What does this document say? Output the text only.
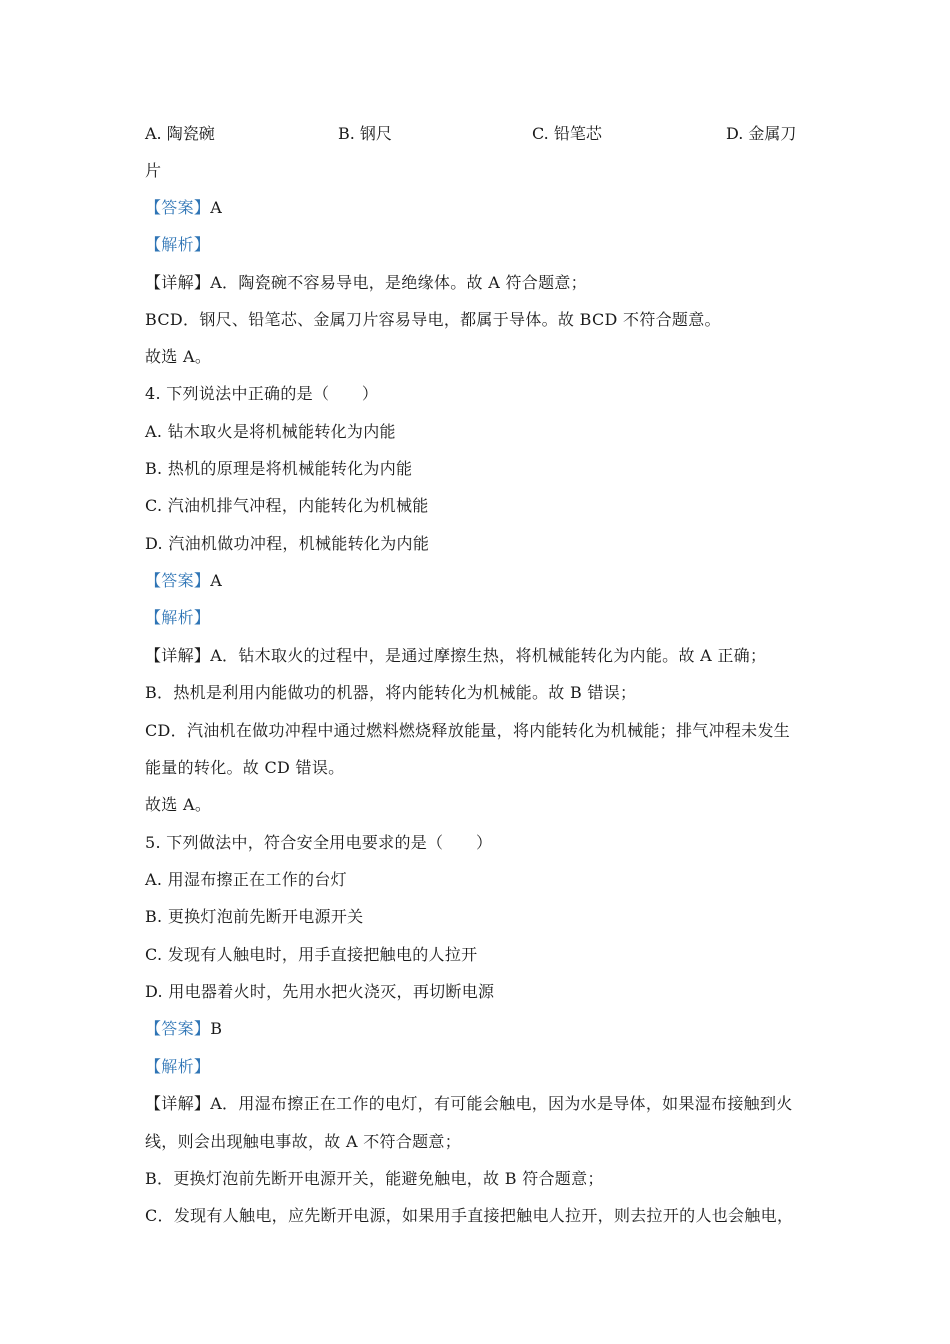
A. 陶瓷碗	B. 钢尺	C. 铅笔芯	D. 金属刀
片
【答案】A
【解析】
【详解】A．陶瓷碗不容易导电，是绝缘体。故 A 符合题意；
BCD．钢尺、铅笔芯、金属刀片容易导电，都属于导体。故 BCD 不符合题意。
故选 A。
4. 下列说法中正确的是（　　）
A. 钻木取火是将机械能转化为内能
B. 热机的原理是将机械能转化为内能
C. 汽油机排气冲程，内能转化为机械能
D. 汽油机做功冲程，机械能转化为内能
【答案】A
【解析】
【详解】A．钻木取火的过程中，是通过摩擦生热，将机械能转化为内能。故 A 正确；
B．热机是利用内能做功的机器，将内能转化为机械能。故 B 错误；
CD．汽油机在做功冲程中通过燃料燃烧释放能量，将内能转化为机械能；排气冲程未发生
能量的转化。故 CD 错误。
故选 A。
5. 下列做法中，符合安全用电要求的是（　　）
A. 用湿布擦正在工作的台灯
B. 更换灯泡前先断开电源开关
C. 发现有人触电时，用手直接把触电的人拉开
D. 用电器着火时，先用水把火浇灭，再切断电源
【答案】B
【解析】
【详解】A．用湿布擦正在工作的电灯，有可能会触电，因为水是导体，如果湿布接触到火
线，则会出现触电事故，故 A 不符合题意；
B．更换灯泡前先断开电源开关，能避免触电，故 B 符合题意；
C．发现有人触电，应先断开电源，如果用手直接把触电人拉开，则去拉开的人也会触电，
